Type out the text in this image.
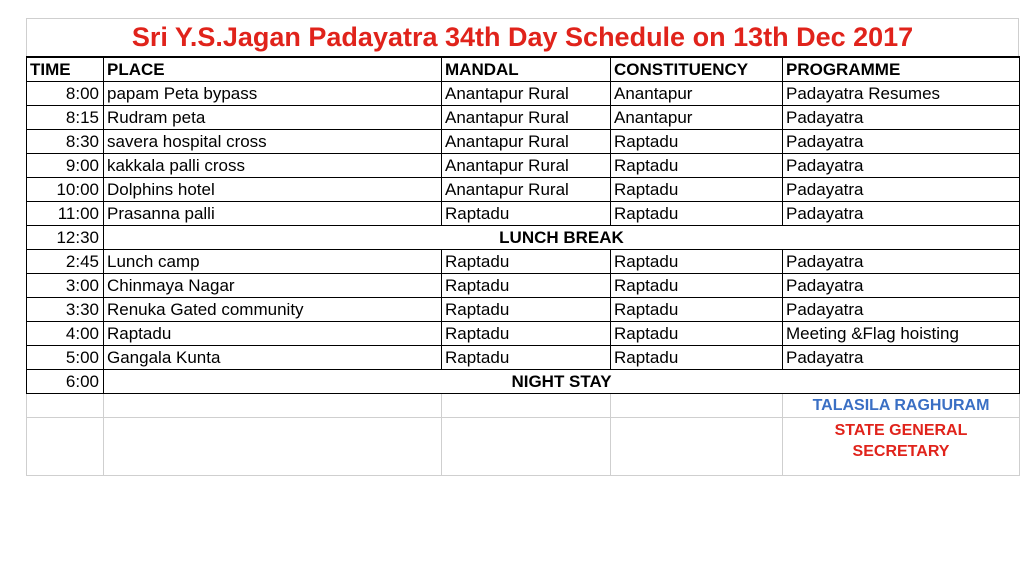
Sri Y.S.Jagan Padayatra 34th Day Schedule on 13th Dec 2017
TIME	PLACE	MANDAL	CONSTITUENCY	PROGRAMME
8:00	papam Peta bypass	Anantapur Rural	Anantapur	Padayatra Resumes
8:15	Rudram peta	Anantapur Rural	Anantapur	Padayatra
8:30	savera hospital cross	Anantapur Rural	Raptadu	Padayatra
9:00	kakkala palli cross	Anantapur Rural	Raptadu	Padayatra
10:00	Dolphins hotel	Anantapur Rural	Raptadu	Padayatra
11:00	Prasanna palli	Raptadu	Raptadu	Padayatra
12:30	LUNCH BREAK			
2:45	Lunch camp	Raptadu	Raptadu	Padayatra
3:00	Chinmaya Nagar	Raptadu	Raptadu	Padayatra
3:30	Renuka Gated community	Raptadu	Raptadu	Padayatra
4:00	Raptadu	Raptadu	Raptadu	Meeting &Flag hoisting
5:00	Gangala Kunta	Raptadu	Raptadu	Padayatra
6:00	NIGHT STAY			
				TALASILA RAGHURAM
				STATE GENERAL SECRETARY
